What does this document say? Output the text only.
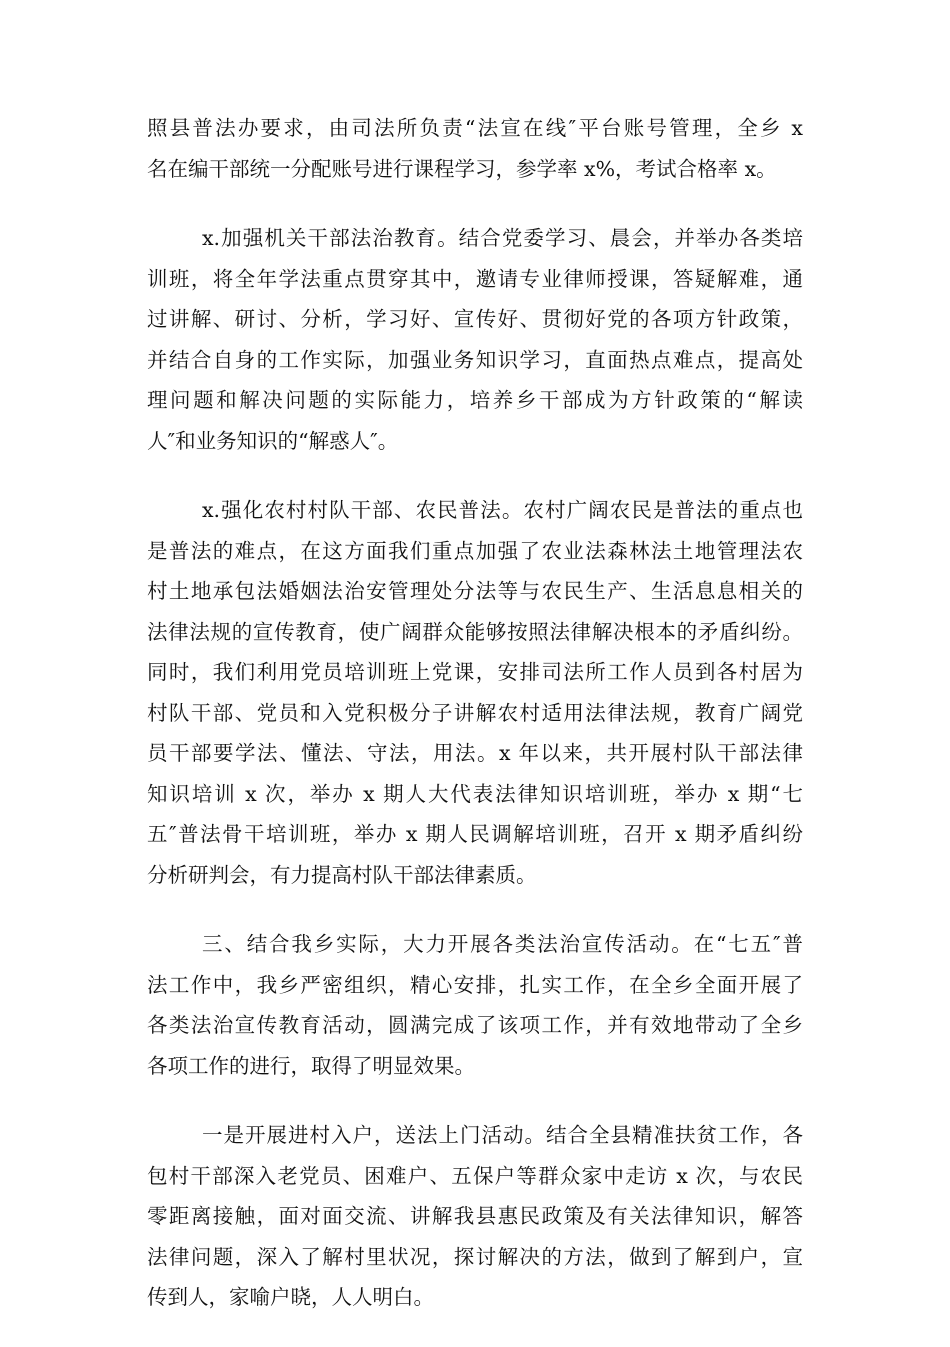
照县普法办要求，由司法所负责“法宣在线″平台账号管理，全乡 x
名在编干部统一分配账号进行课程学习，参学率 x%，考试合格率 x。
x.加强机关干部法治教育。结合党委学习、晨会，并举办各类培
训班，将全年学法重点贯穿其中，邀请专业律师授课，答疑解难，通
过讲解、研讨、分析，学习好、宣传好、贯彻好党的各项方针政策，
并结合自身的工作实际，加强业务知识学习，直面热点难点，提高处
理问题和解决问题的实际能力，培养乡干部成为方针政策的“解读
人″和业务知识的“解惑人″。
x.强化农村村队干部、农民普法。农村广阔农民是普法的重点也
是普法的难点，在这方面我们重点加强了农业法森林法土地管理法农
村土地承包法婚姻法治安管理处分法等与农民生产、生活息息相关的
法律法规的宣传教育，使广阔群众能够按照法律解决根本的矛盾纠纷。
同时，我们利用党员培训班上党课，安排司法所工作人员到各村居为
村队干部、党员和入党积极分子讲解农村适用法律法规，教育广阔党
员干部要学法、懂法、守法，用法。x 年以来，共开展村队干部法律
知识培训 x 次，举办 x 期人大代表法律知识培训班，举办 x 期“七
五″普法骨干培训班，举办 x 期人民调解培训班，召开 x 期矛盾纠纷
分析研判会，有力提高村队干部法律素质。
三、结合我乡实际，大力开展各类法治宣传活动。在“七五″普
法工作中，我乡严密组织，精心安排，扎实工作，在全乡全面开展了
各类法治宣传教育活动，圆满完成了该项工作，并有效地带动了全乡
各项工作的进行，取得了明显效果。
一是开展进村入户，送法上门活动。结合全县精准扶贫工作，各
包村干部深入老党员、困难户、五保户等群众家中走访 x 次，与农民
零距离接触，面对面交流、讲解我县惠民政策及有关法律知识，解答
法律问题，深入了解村里状况，探讨解决的方法，做到了解到户，宣
传到人，家喻户晓，人人明白。
